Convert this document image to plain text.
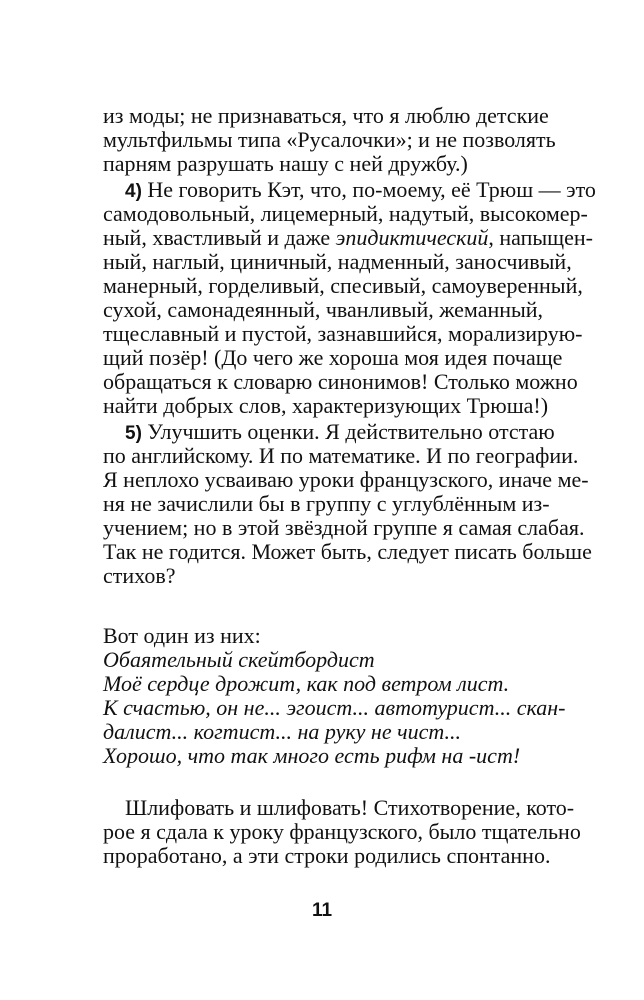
из моды; не признаваться, что я люблю детские
мультфильмы типа «Русалочки»; и не позволять
парням разрушать нашу с ней дружбу.)
4) Не говорить Кэт, что, по-моему, её Трюш — это
самодовольный, лицемерный, надутый, высокомер-
ный, хвастливый и даже эпидиктический, напыщен-
ный, наглый, циничный, надменный, заносчивый,
манерный, горделивый, спесивый, самоуверенный,
сухой, самонадеянный, чванливый, жеманный,
тщеславный и пустой, зазнавшийся, морализирую-
щий позёр! (До чего же хороша моя идея почаще
обращаться к словарю синонимов! Столько можно
найти добрых слов, характеризующих Трюша!)
5) Улучшить оценки. Я действительно отстаю
по английскому. И по математике. И по географии.
Я неплохо усваиваю уроки французского, иначе ме-
ня не зачислили бы в группу с углублённым из-
учением; но в этой звёздной группе я самая слабая.
Так не годится. Может быть, следует писать больше
стихов?
Вот один из них:
Обаятельный скейтбордист
Моё сердце дрожит, как под ветром лист.
К счастью, он не... эгоист... автотурист... скан-
далист... когтист... на руку не чист...
Хорошо, что так много есть рифм на -ист!
Шлифовать и шлифовать! Стихотворение, кото-
рое я сдала к уроку французского, было тщательно
проработано, а эти строки родились спонтанно.
11
